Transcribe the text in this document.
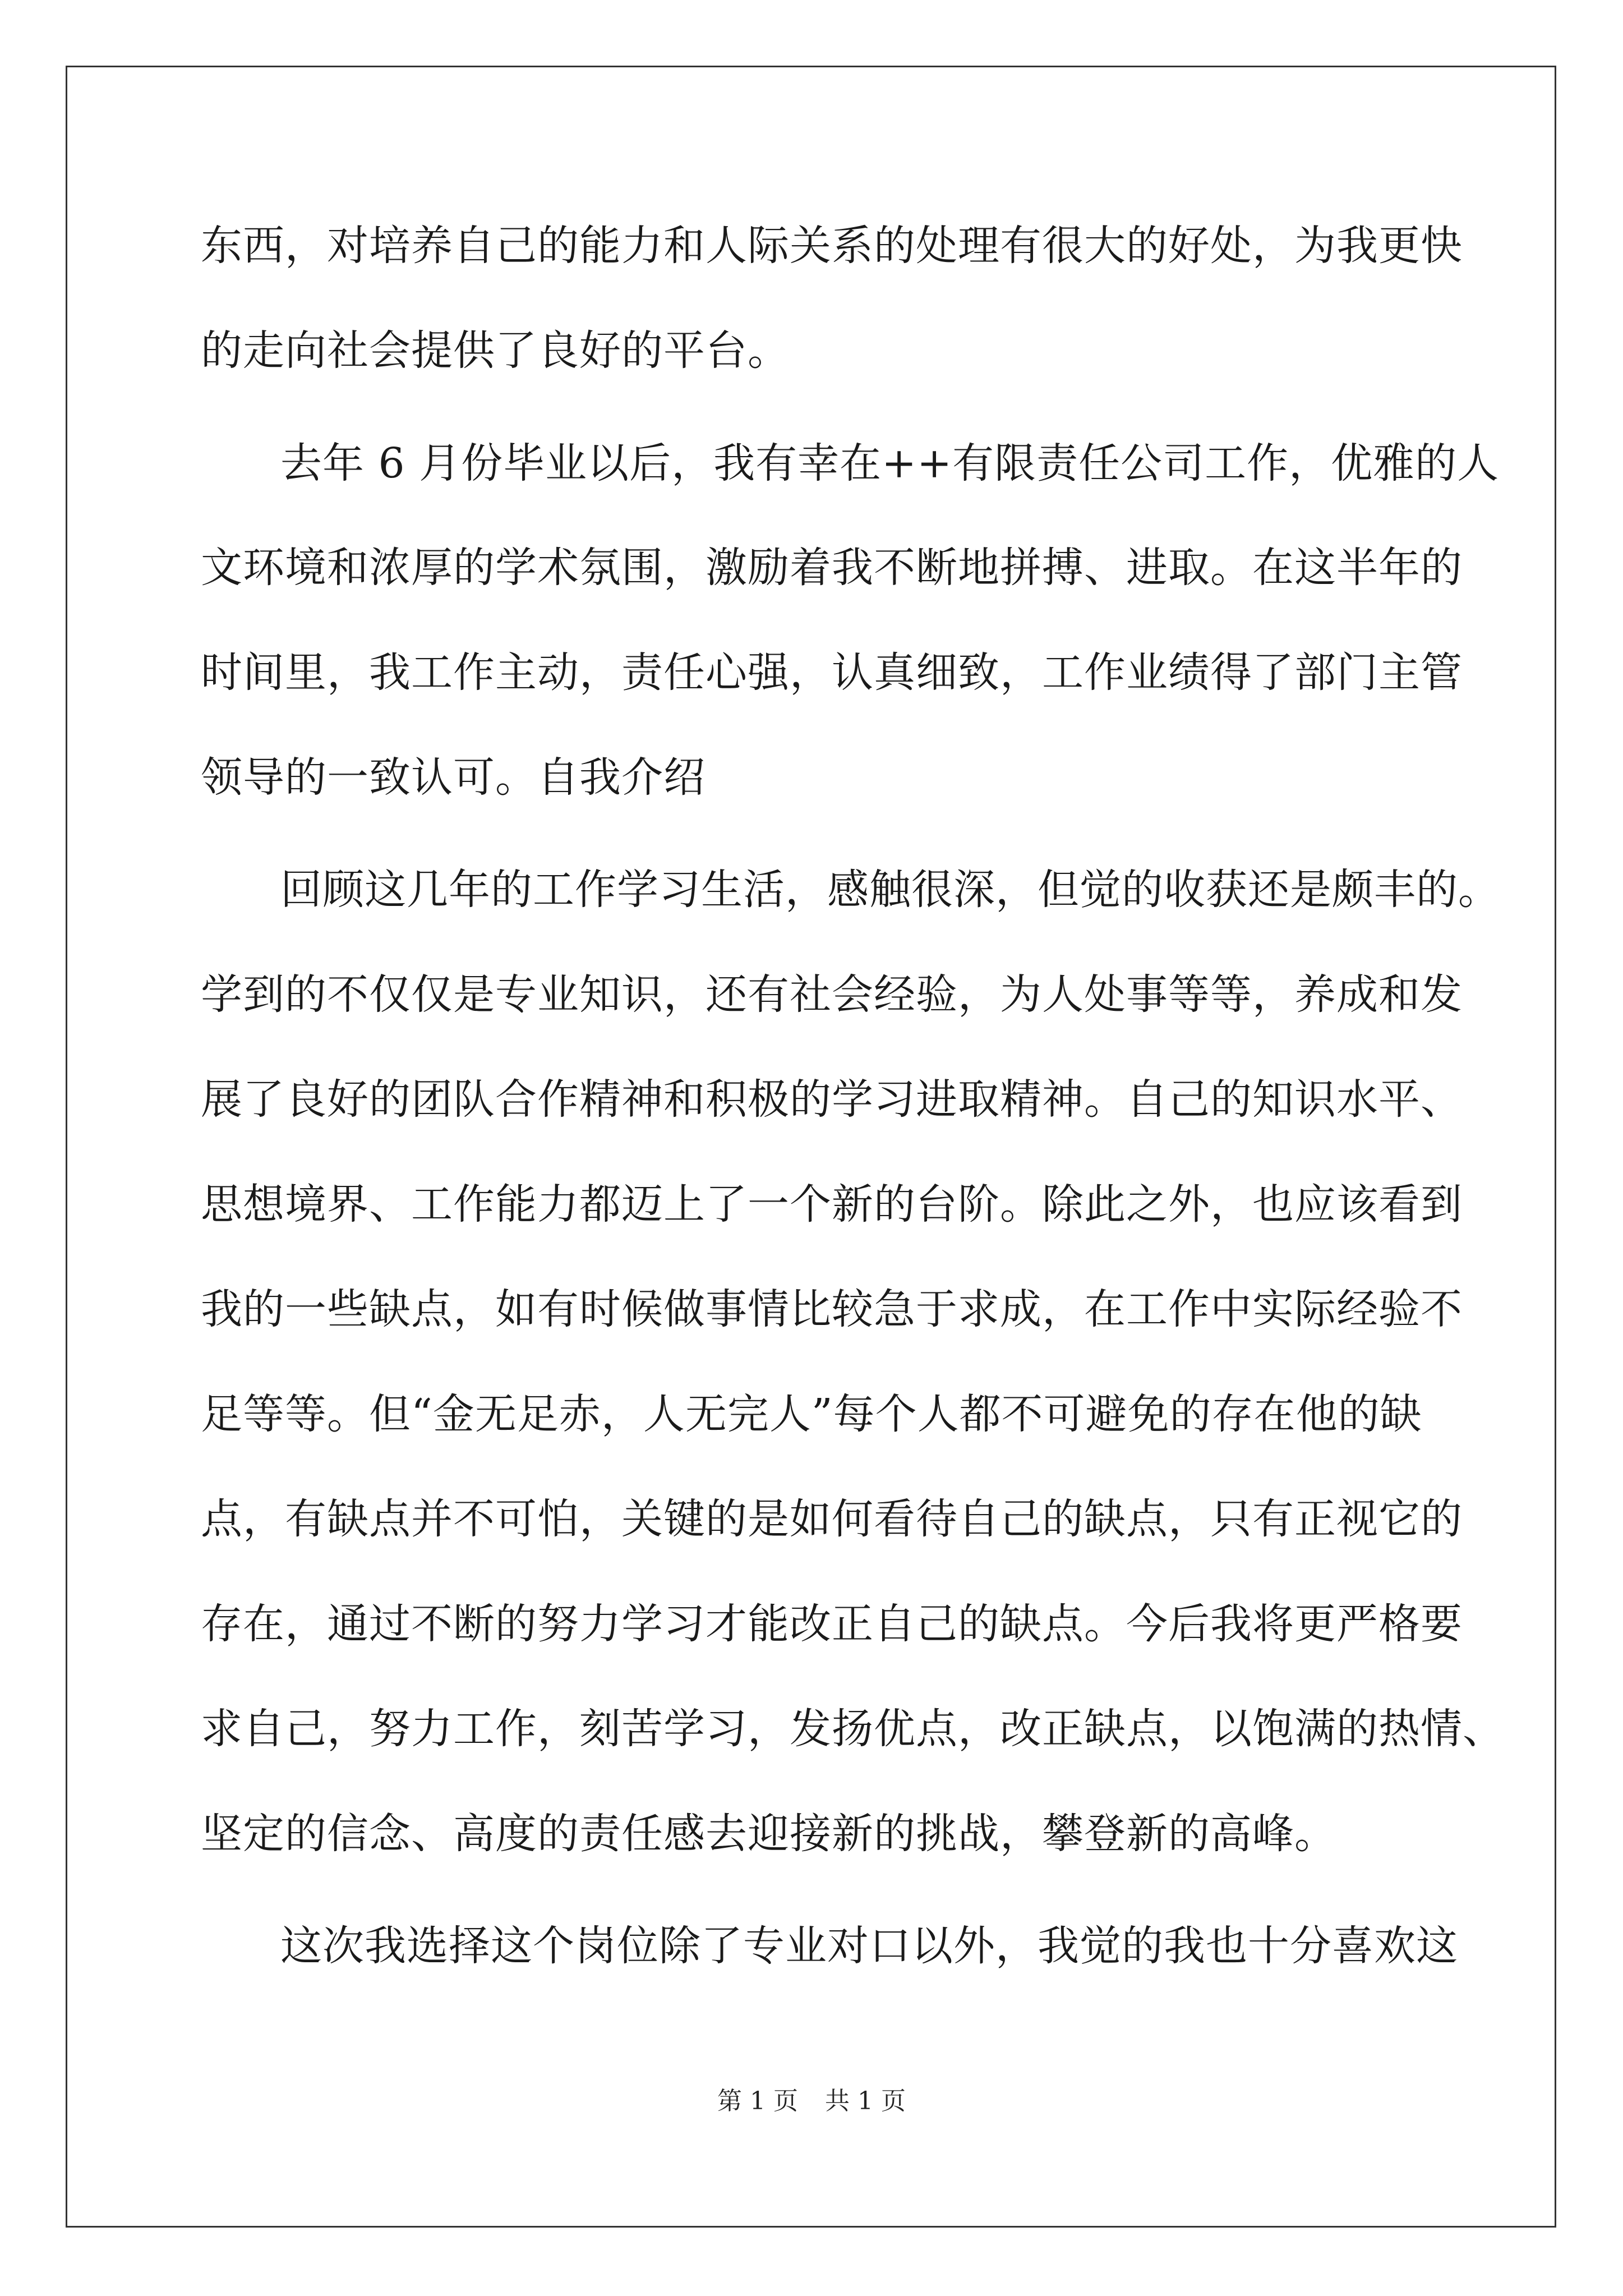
东西，对培养自己的能力和人际关系的处理有很大的好处，为我更快
的走向社会提供了良好的平台。
去年 6 月份毕业以后，我有幸在++有限责任公司工作，优雅的人
文环境和浓厚的学术氛围，激励着我不断地拼搏、进取。在这半年的
时间里，我工作主动，责任心强，认真细致，工作业绩得了部门主管
领导的一致认可。自我介绍
回顾这几年的工作学习生活，感触很深，但觉的收获还是颇丰的。
学到的不仅仅是专业知识，还有社会经验，为人处事等等，养成和发
展了良好的团队合作精神和积极的学习进取精神。自己的知识水平、
思想境界、工作能力都迈上了一个新的台阶。除此之外，也应该看到
我的一些缺点，如有时候做事情比较急于求成，在工作中实际经验不
足等等。但“金无足赤，人无完人”每个人都不可避免的存在他的缺
点，有缺点并不可怕，关键的是如何看待自己的缺点，只有正视它的
存在，通过不断的努力学习才能改正自己的缺点。今后我将更严格要
求自己，努力工作，刻苦学习，发扬优点，改正缺点，以饱满的热情、
坚定的信念、高度的责任感去迎接新的挑战，攀登新的高峰。
这次我选择这个岗位除了专业对口以外，我觉的我也十分喜欢这
第 1 页 共 1 页
